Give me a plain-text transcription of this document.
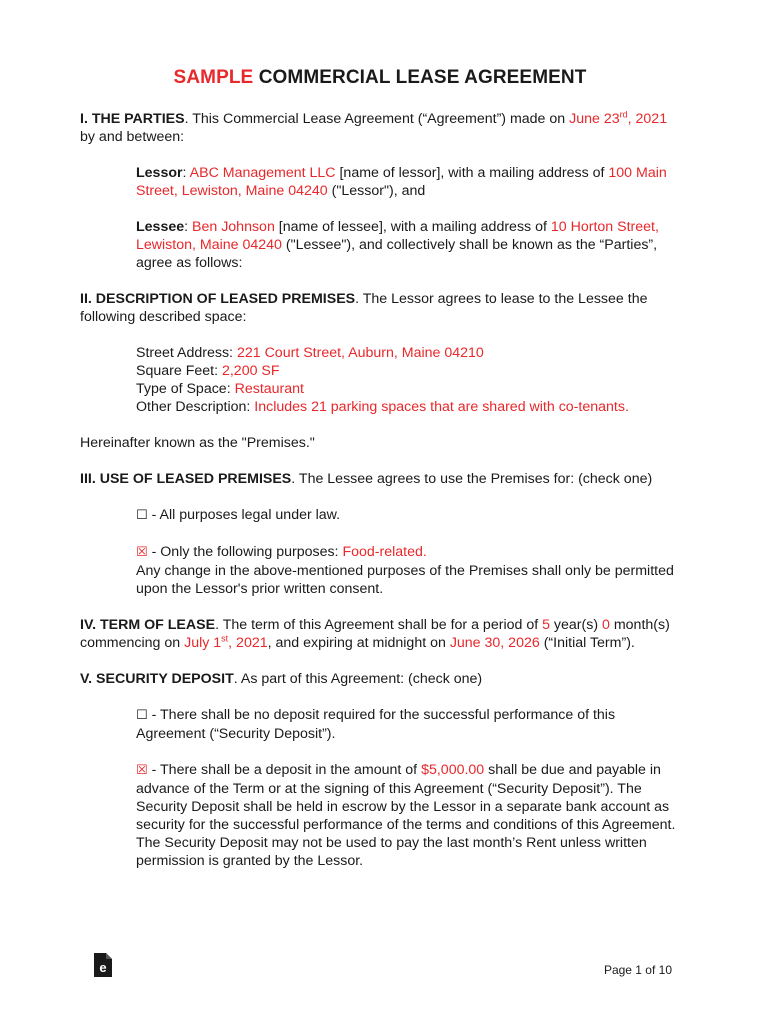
SAMPLE COMMERCIAL LEASE AGREEMENT

I. THE PARTIES. This Commercial Lease Agreement (“Agreement”) made on June 23rd, 2021 by and between:

Lessor: ABC Management LLC [name of lessor], with a mailing address of 100 Main Street, Lewiston, Maine 04240 ("Lessor"), and

Lessee: Ben Johnson [name of lessee], with a mailing address of 10 Horton Street, Lewiston, Maine 04240 ("Lessee"), and collectively shall be known as the “Parties”, agree as follows:

II. DESCRIPTION OF LEASED PREMISES. The Lessor agrees to lease to the Lessee the following described space:

Street Address: 221 Court Street, Auburn, Maine 04210
Square Feet: 2,200 SF
Type of Space: Restaurant
Other Description: Includes 21 parking spaces that are shared with co-tenants.

Hereinafter known as the "Premises."

III. USE OF LEASED PREMISES. The Lessee agrees to use the Premises for: (check one)

☐ - All purposes legal under law.

☒ - Only the following purposes: Food-related.
Any change in the above-mentioned purposes of the Premises shall only be permitted upon the Lessor's prior written consent.

IV. TERM OF LEASE. The term of this Agreement shall be for a period of 5 year(s) 0 month(s) commencing on July 1st, 2021, and expiring at midnight on June 30, 2026 (“Initial Term”).

V. SECURITY DEPOSIT. As part of this Agreement: (check one)

☐ - There shall be no deposit required for the successful performance of this Agreement (“Security Deposit”).

☒ - There shall be a deposit in the amount of $5,000.00 shall be due and payable in advance of the Term or at the signing of this Agreement (“Security Deposit”). The Security Deposit shall be held in escrow by the Lessor in a separate bank account as security for the successful performance of the terms and conditions of this Agreement. The Security Deposit may not be used to pay the last month’s Rent unless written permission is granted by the Lessor.

e	Page 1 of 10
